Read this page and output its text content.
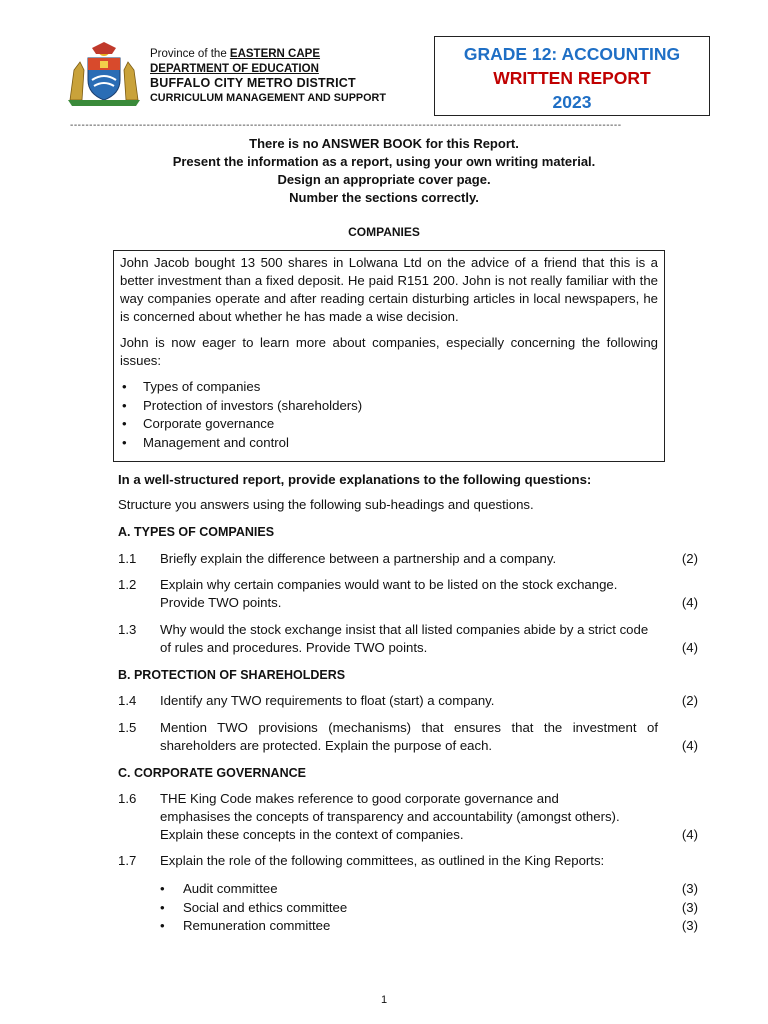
Province of the EASTERN CAPE
DEPARTMENT OF EDUCATION
BUFFALO CITY METRO DISTRICT
CURRICULUM MANAGEMENT AND SUPPORT
GRADE 12: ACCOUNTING
WRITTEN REPORT
2023
------------------------------------------------------------------------------------------------------------------------------------------------
There is no ANSWER BOOK for this Report.
Present the information as a report, using your own writing material.
Design an appropriate cover page.
Number the sections correctly.
COMPANIES

John Jacob bought 13 500 shares in Lolwana Ltd on the advice of a friend that this is a better investment than a fixed deposit. He paid R151 200. John is not really familiar with the way companies operate and after reading certain disturbing articles in local newspapers, he is concerned about whether he has made a wise decision.

John is now eager to learn more about companies, especially concerning the following issues:

• Types of companies
• Protection of investors (shareholders)
• Corporate governance
• Management and control
In a well-structured report, provide explanations to the following questions:
Structure you answers using the following sub-headings and questions.
A. TYPES OF COMPANIES
1.1 Briefly explain the difference between a partnership and a company.	(2)
1.2 Explain why certain companies would want to be listed on the stock exchange. Provide TWO points.	(4)
1.3 Why would the stock exchange insist that all listed companies abide by a strict code of rules and procedures. Provide TWO points.	(4)
B. PROTECTION OF SHAREHOLDERS
1.4 Identify any TWO requirements to float (start) a company.	(2)
1.5 Mention TWO provisions (mechanisms) that ensures that the investment of shareholders are protected. Explain the purpose of each.	(4)
C. CORPORATE GOVERNANCE
1.6 THE King Code makes reference to good corporate governance and
emphasises the concepts of transparency and accountability (amongst others).
Explain these concepts in the context of companies.	(4)
1.7 Explain the role of the following committees, as outlined in the King Reports:
• Audit committee	(3)
• Social and ethics committee	(3)
• Remuneration committee	(3)
1
